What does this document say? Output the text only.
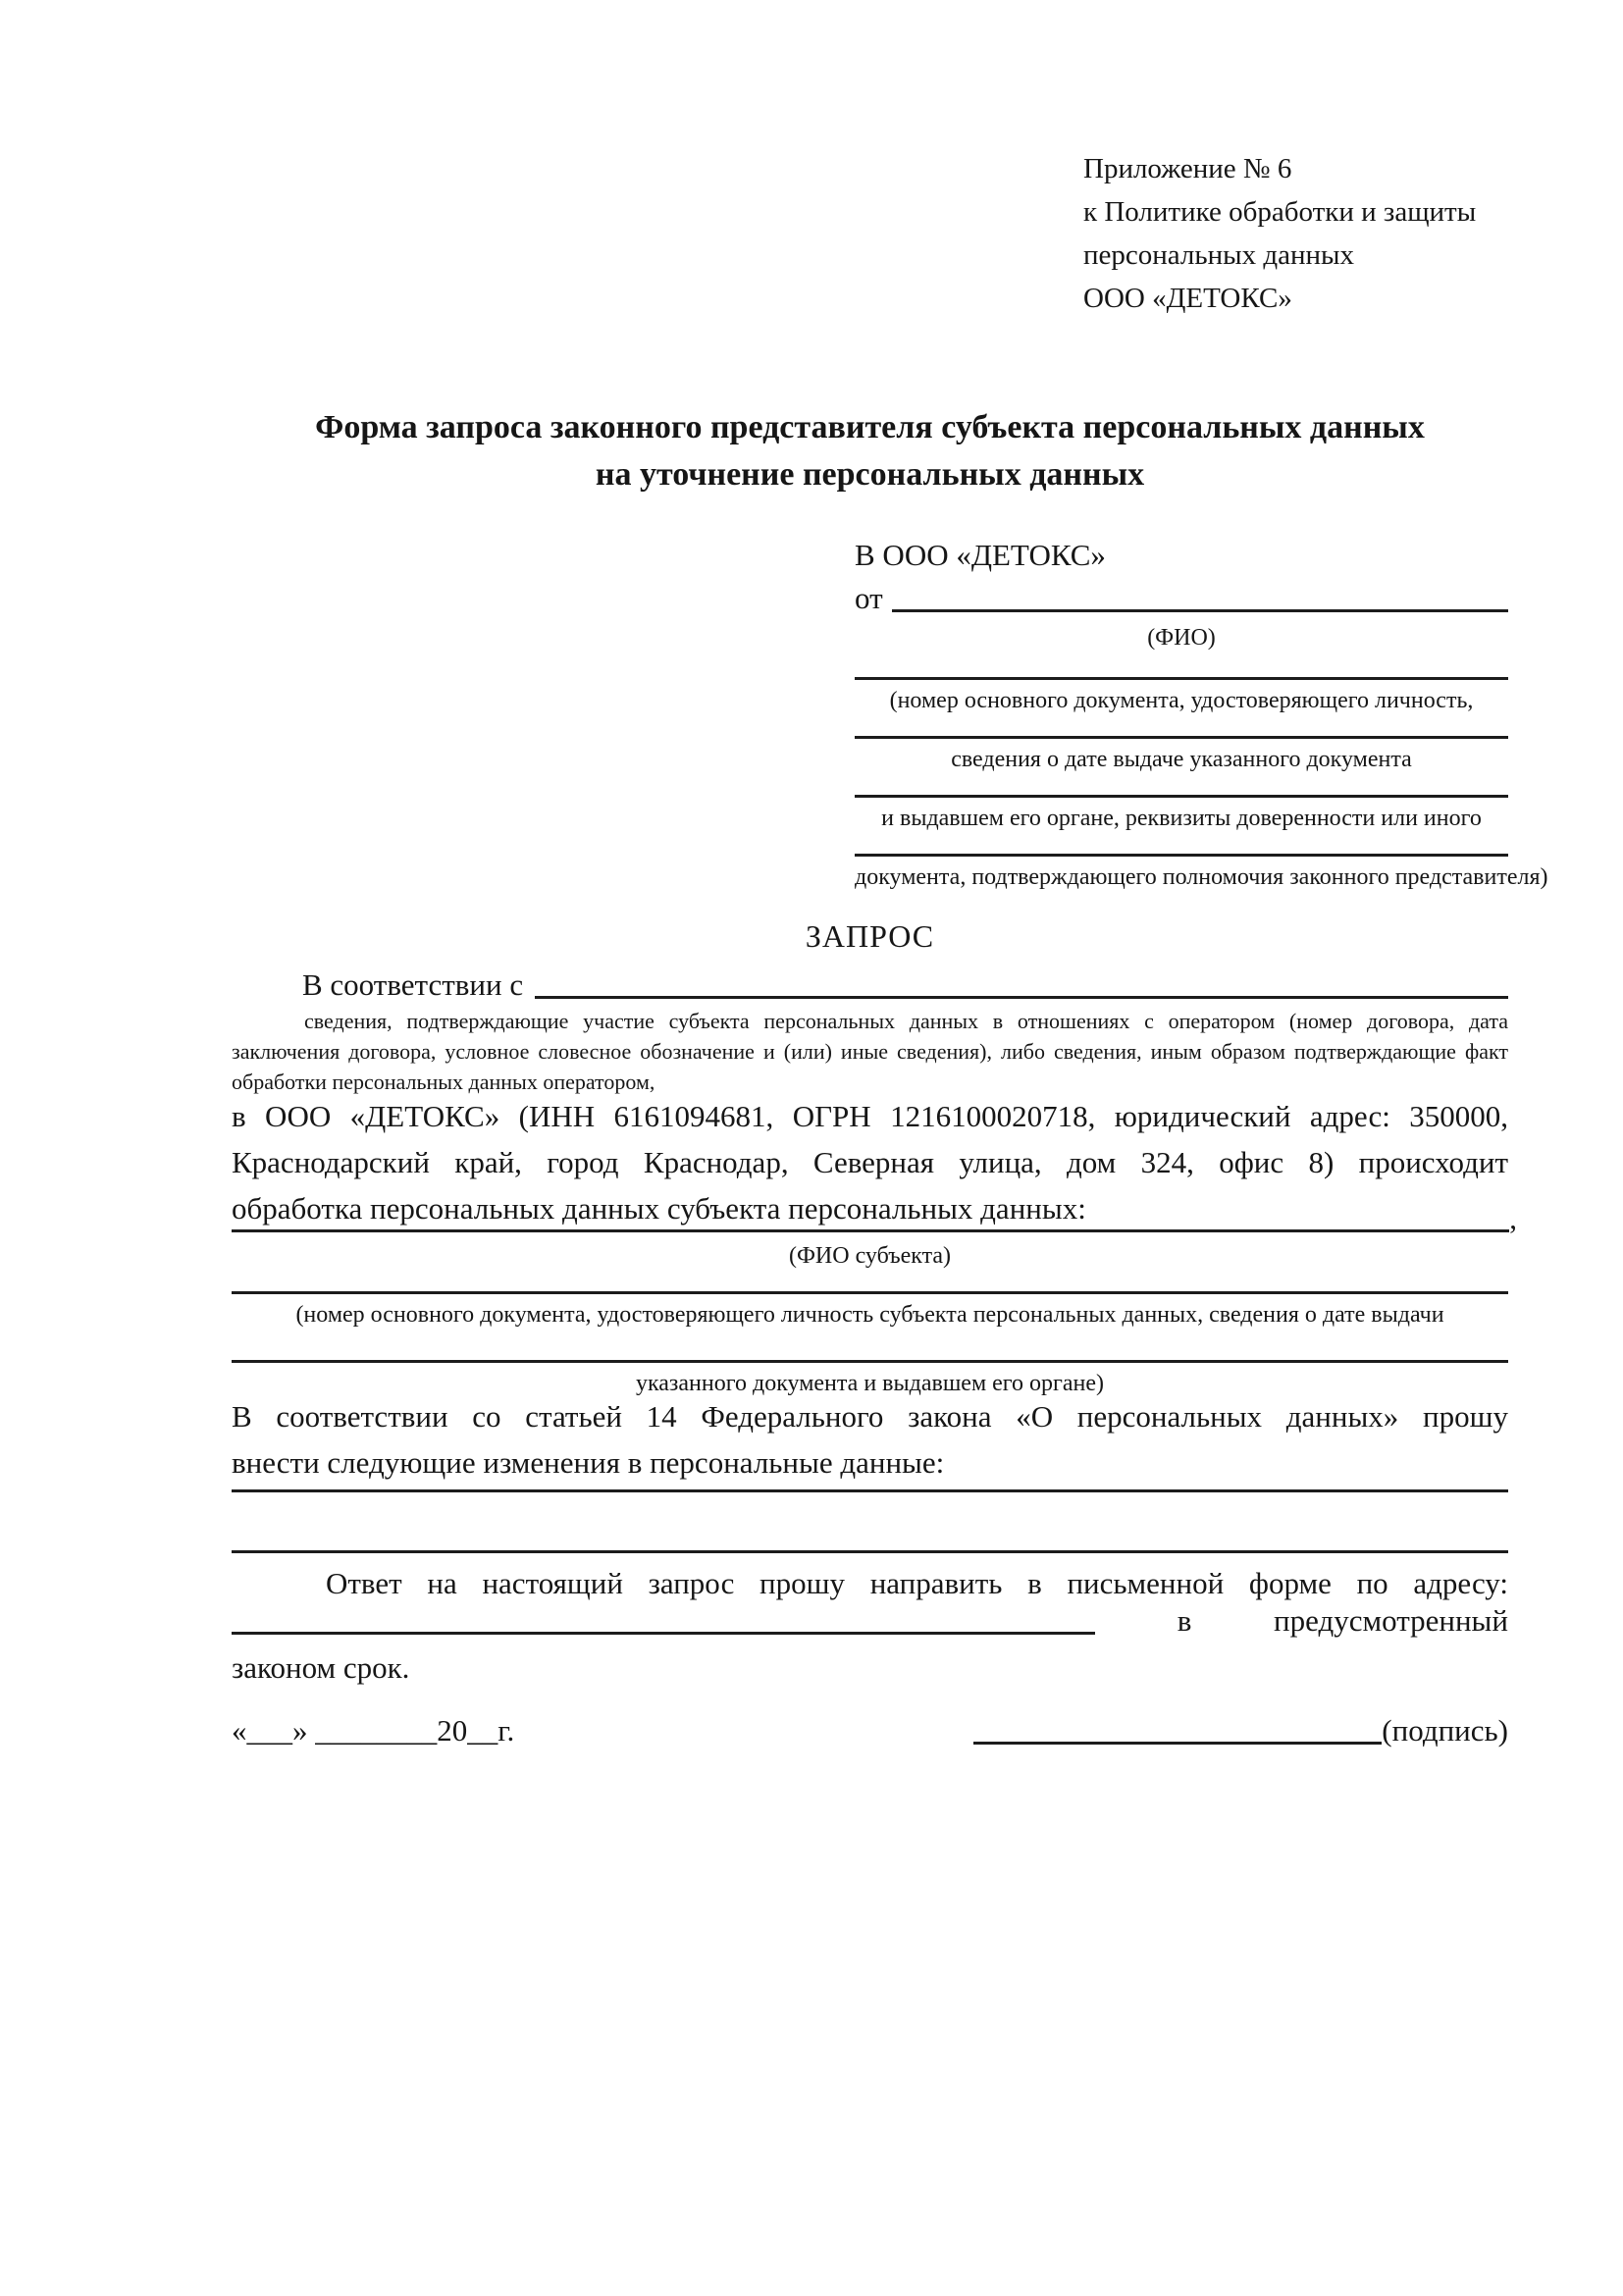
Приложение № 6
к Политике обработки и защиты
персональных данных
ООО «ДЕТОКС»
Форма запроса законного представителя субъекта персональных данных
на уточнение персональных данных
В ООО «ДЕТОКС»
от
(ФИО)
(номер основного документа, удостоверяющего личность,
сведения о дате выдаче указанного документа
и выдавшем его органе, реквизиты доверенности или иного
документа, подтверждающего полномочия законного представителя)
ЗАПРОС
В соответствии с
сведения, подтверждающие участие субъекта персональных данных в отношениях с оператором (номер договора, дата
заключения договора, условное словесное обозначение и (или) иные сведения), либо сведения, иным образом подтверждающие факт
обработки персональных данных оператором,
в ООО «ДЕТОКС» (ИНН 6161094681, ОГРН 1216100020718, юридический адрес: 350000,
Краснодарский край, город Краснодар, Северная улица, дом 324, офис 8) происходит
обработка персональных данных субъекта персональных данных:	,
(ФИО субъекта)
(номер основного документа, удостоверяющего личность субъекта персональных данных, сведения о дате выдачи
указанного документа и выдавшем его органе)
В соответствии со статьей 14 Федерального закона «О персональных данных» прошу
внести следующие изменения в персональные данные:
Ответ на настоящий запрос прошу направить в письменной форме по адресу:
в	предусмотренный
законом срок.
«___» ________20__г.	(подпись)
